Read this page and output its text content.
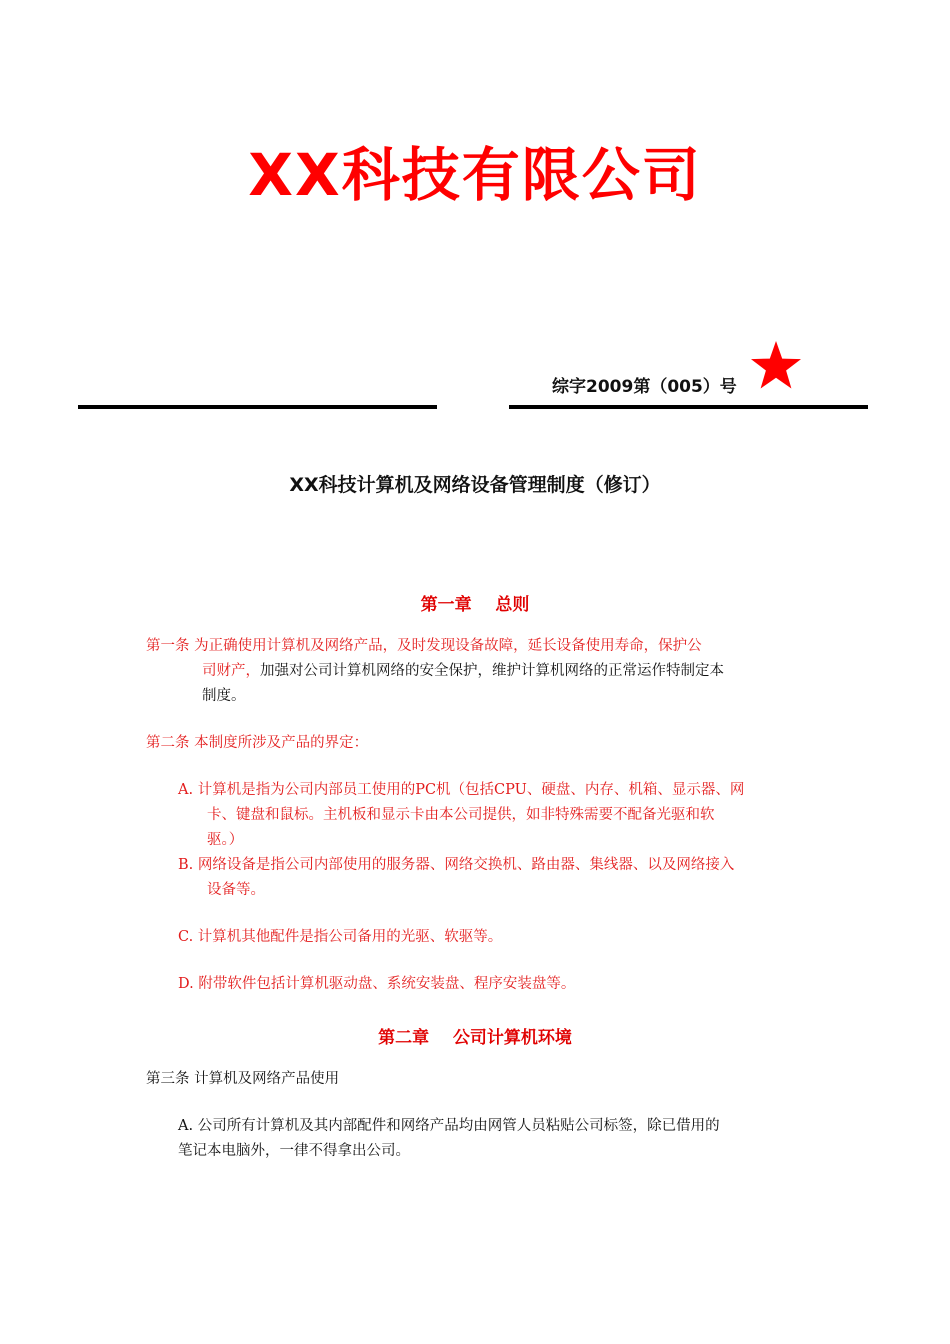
XX科技有限公司
综字2009第（005）号
XX科技计算机及网络设备管理制度（修订）
第一章    总则
第一条 为正确使用计算机及网络产品，及时发现设备故障，延长设备使用寿命，保护公
司财产，加强对公司计算机网络的安全保护，维护计算机网络的正常运作特制定本
制度。
第二条 本制度所涉及产品的界定：
A. 计算机是指为公司内部员工使用的PC机（包括CPU、硬盘、内存、机箱、显示器、网
卡、键盘和鼠标。主机板和显示卡由本公司提供，如非特殊需要不配备光驱和软
驱。）
B. 网络设备是指公司内部使用的服务器、网络交换机、路由器、集线器、以及网络接入
设备等。
C. 计算机其他配件是指公司备用的光驱、软驱等。
D. 附带软件包括计算机驱动盘、系统安装盘、程序安装盘等。
第二章    公司计算机环境
第三条 计算机及网络产品使用
A. 公司所有计算机及其内部配件和网络产品均由网管人员粘贴公司标签，除已借用的
笔记本电脑外，一律不得拿出公司。
